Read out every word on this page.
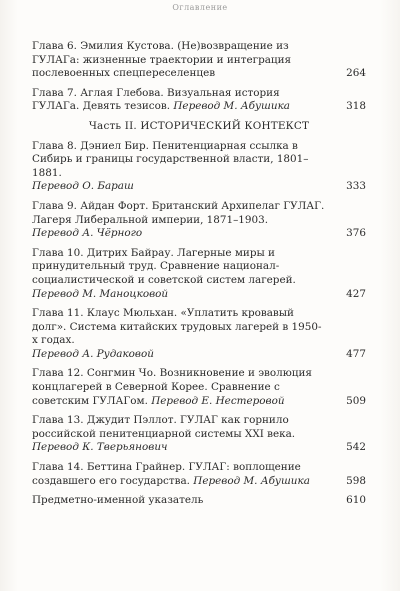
Оглавление
Глава 6. Эмилия Кустова. (Не)возвращение из ГУЛАГа: жизненные траектории и интеграция послевоенных спецпереселенцев	264
Глава 7. Аглая Глебова. Визуальная история ГУЛАГа. Девять тезисов. Перевод М. Абушика	318
Часть II. ИСТОРИЧЕСКИЙ КОНТЕКСТ
Глава 8. Дэниел Бир. Пенитенциарная ссылка в Сибирь и границы государственной власти, 1801–1881.
Перевод О. Бараш	333
Глава 9. Айдан Форт. Британский Архипелаг ГУЛАГ. Лагеря Либеральной империи, 1871–1903.
Перевод А. Чёрного	376
Глава 10. Дитрих Байрау. Лагерные миры и принудительный труд. Сравнение национал-социалистической и советской систем лагерей.
Перевод М. Маноцковой	427
Глава 11. Клаус Мюльхан. «Уплатить кровавый долг». Система китайских трудовых лагерей в 1950-х годах.
Перевод А. Рудаковой	477
Глава 12. Сонгмин Чо. Возникновение и эволюция концлагерей в Северной Корее. Сравнение с советским ГУЛАГом. Перевод Е. Нестеровой	509
Глава 13. Джудит Пэллот. ГУЛАГ как горнило российской пенитенциарной системы XXI века.
Перевод К. Тверьянович	542
Глава 14. Беттина Грайнер. ГУЛАГ: воплощение создавшего его государства. Перевод М. Абушика	598
Предметно-именной указатель	610
